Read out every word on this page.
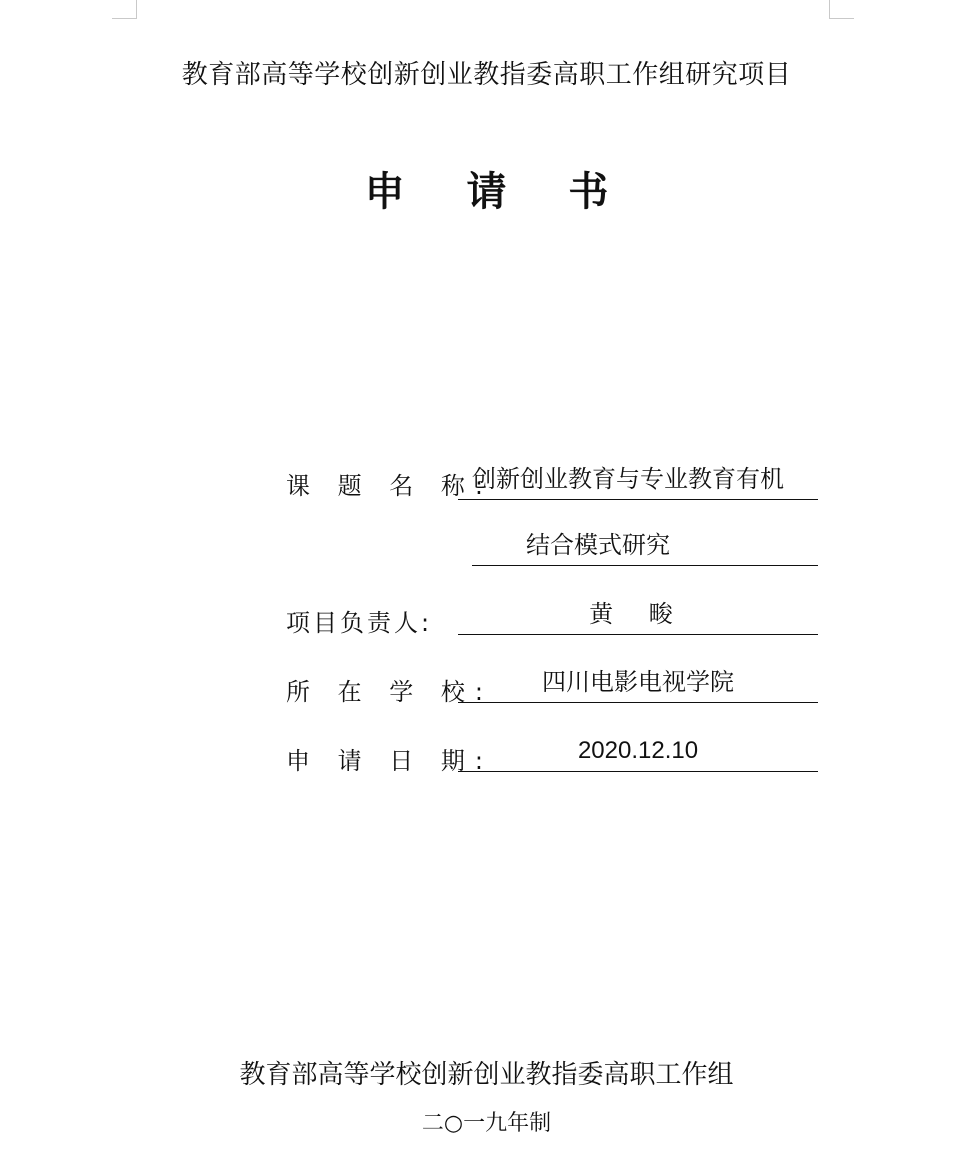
教育部高等学校创新创业教指委高职工作组研究项目
申 请 书
课 题 名 称:
创新创业教育与专业教育有机
结合模式研究
项目负责人:	黄 畯
所 在 学 校:	四川电影电视学院
申 请 日 期:	2020.12.10
教育部高等学校创新创业教指委高职工作组
二○一九年制
